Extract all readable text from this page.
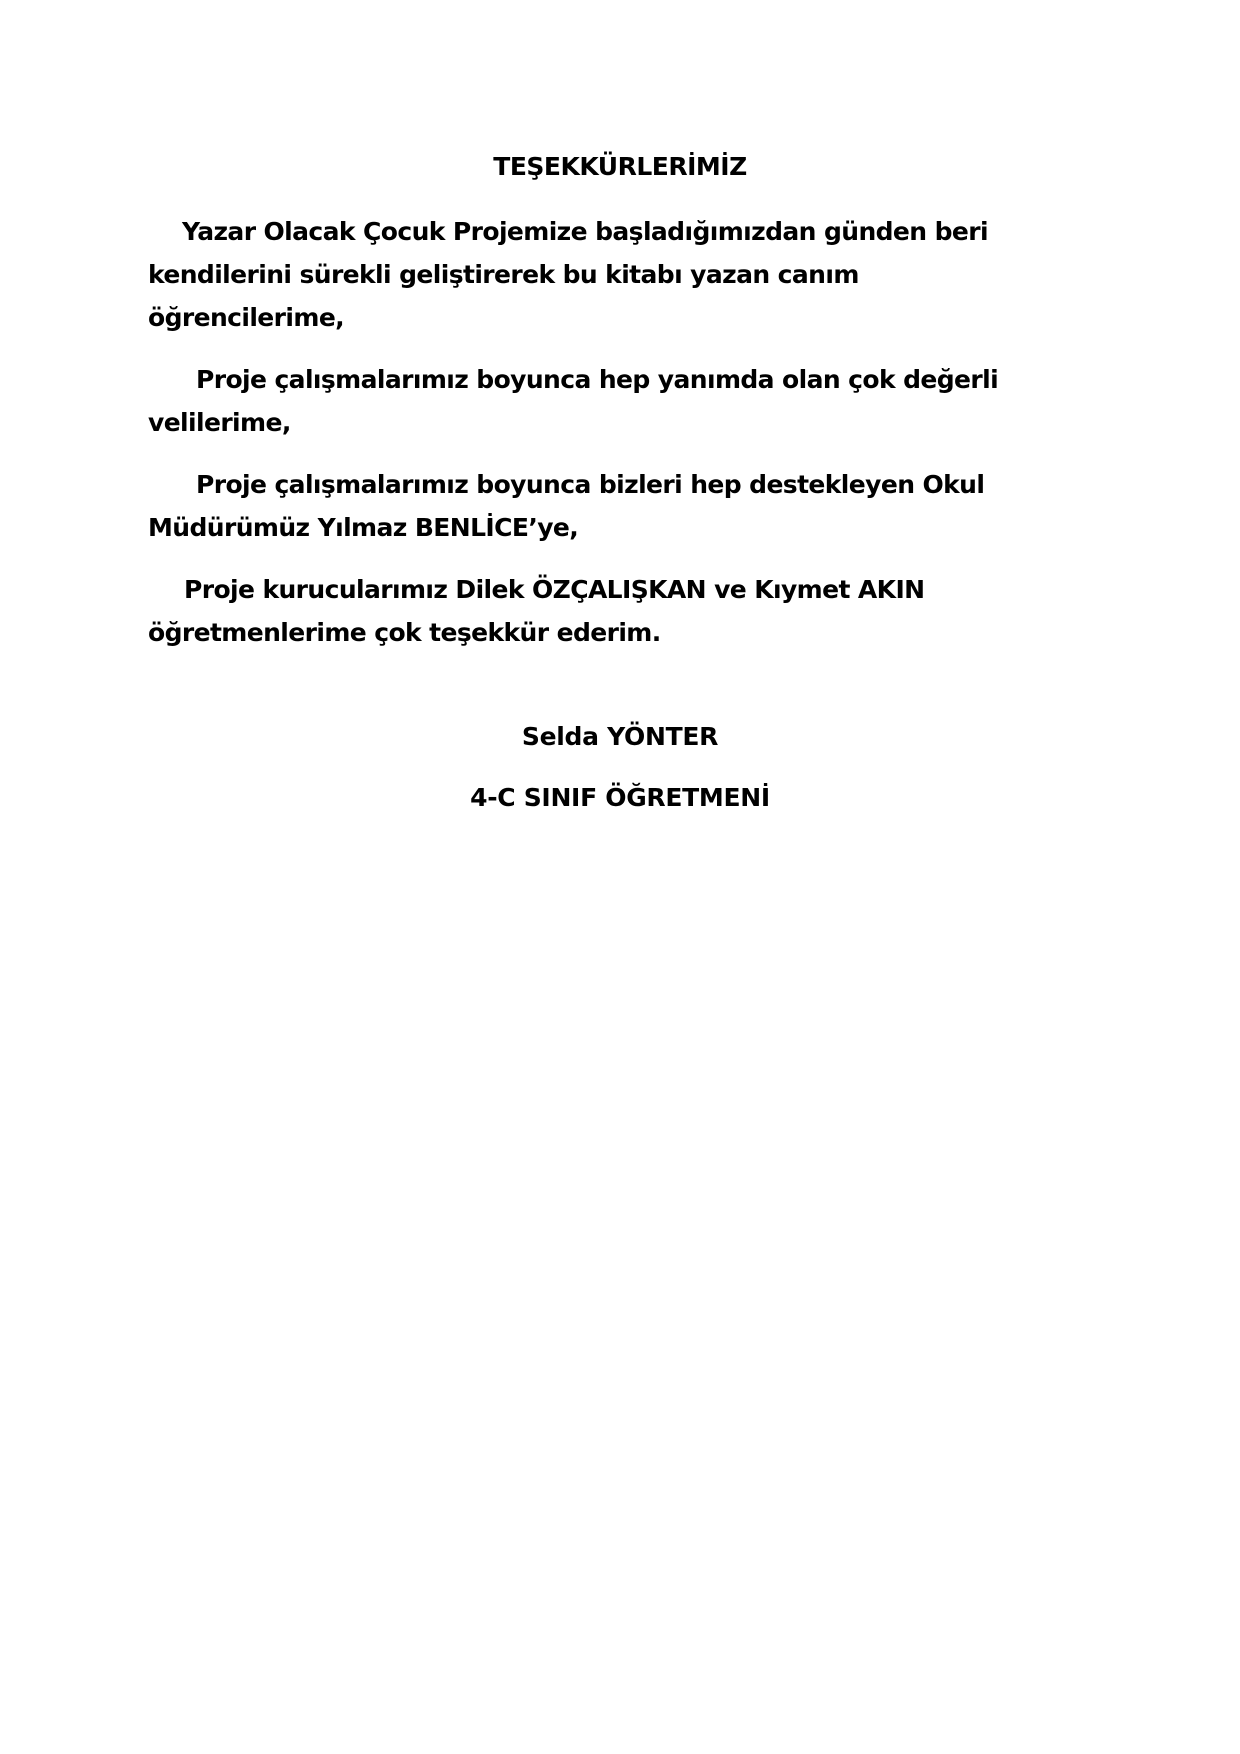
TEŞEKKÜRLERİMİZ
Yazar Olacak Çocuk Projemize başladığımızdan günden beri
kendilerini sürekli geliştirerek bu kitabı yazan canım
öğrencilerime,
Proje çalışmalarımız boyunca hep yanımda olan çok değerli
velilerime,
Proje çalışmalarımız boyunca bizleri hep destekleyen Okul
Müdürümüz Yılmaz BENLİCE’ye,
Proje kurucularımız Dilek ÖZÇALIŞKAN ve Kıymet AKIN
öğretmenlerime çok teşekkür ederim.
Selda YÖNTER
4-C SINIF ÖĞRETMENİ
